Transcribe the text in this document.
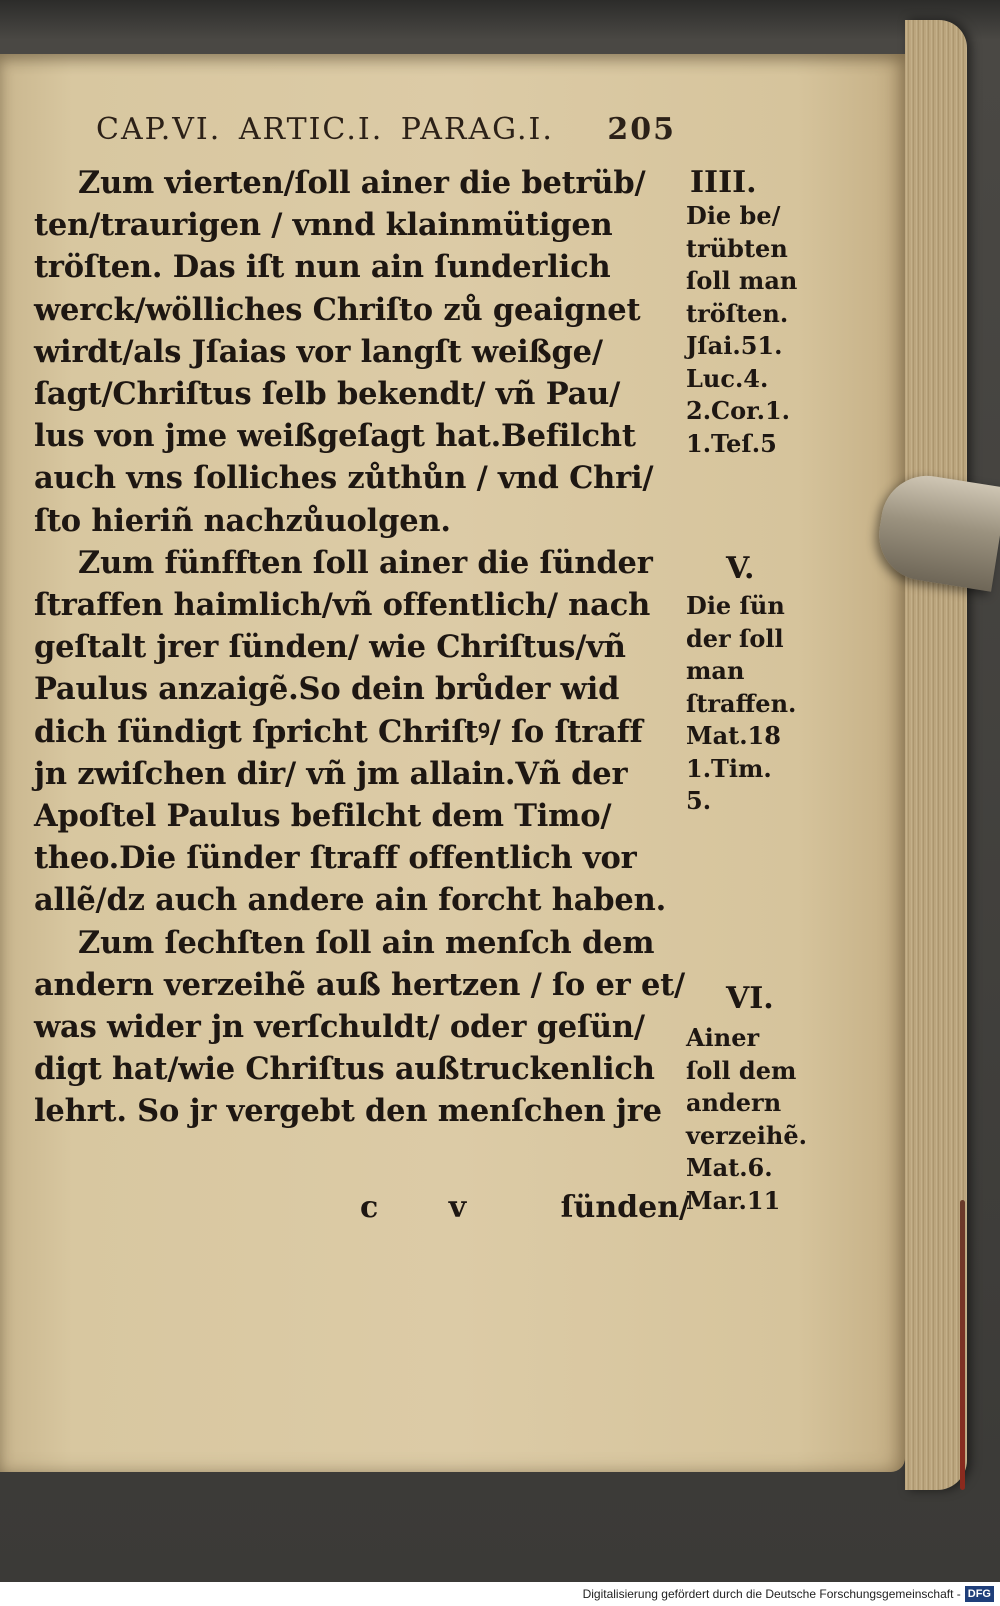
CAP.VI. ARTIC.I. PARAG.I. 205
Zum vierten/ſoll ainer die betrüb/
ten/traurigen / vnnd klainmütigen
tröſten. Das iſt nun ain ſunderlich
werck/wölliches Chriſto zů geaignet
wirdt/als Jſaias vor langſt weißge/
ſagt/Chriſtus ſelb bekendt/ vñ Pau/
lus von jme weißgeſagt hat.Befilcht
auch vns ſolliches zůthůn / vnd Chri/
ſto hieriñ nachzůuolgen.
Zum fünfften ſoll ainer die ſünder
ſtraffen haimlich/vñ offentlich/ nach
geſtalt jrer ſünden/ wie Chriſtus/vñ
Paulus anzaigẽ.So dein brůder wid
dich ſündigt ſpricht Chriſtꝰ/ ſo ſtraff
jn zwiſchen dir/ vñ jm allain.Vñ der
Apoſtel Paulus befilcht dem Timo/
theo.Die ſünder ſtraff offentlich vor
allẽ/dz auch andere ain forcht haben.
Zum ſechſten ſoll ain menſch dem
andern verzeihẽ auß hertzen / ſo er et/
was wider jn verſchuldt/ oder geſün/
digt hat/wie Chriſtus außtruckenlich
lehrt. So jr vergebt den menſchen jre
c v ſünden/
IIII.
Die be/
trübten
ſoll man
tröſten.
Jſai.51.
Luc.4.
2.Cor.1.
1.Teſ.5
V.
Die ſün
der ſoll
man
ſtraffen.
Mat.18
1.Tim.
5.
VI.
Ainer
ſoll dem
andern
verzeihẽ.
Mat.6.
Mar.11
Digitalisierung gefördert durch die Deutsche Forschungsgemeinschaft - DFG
